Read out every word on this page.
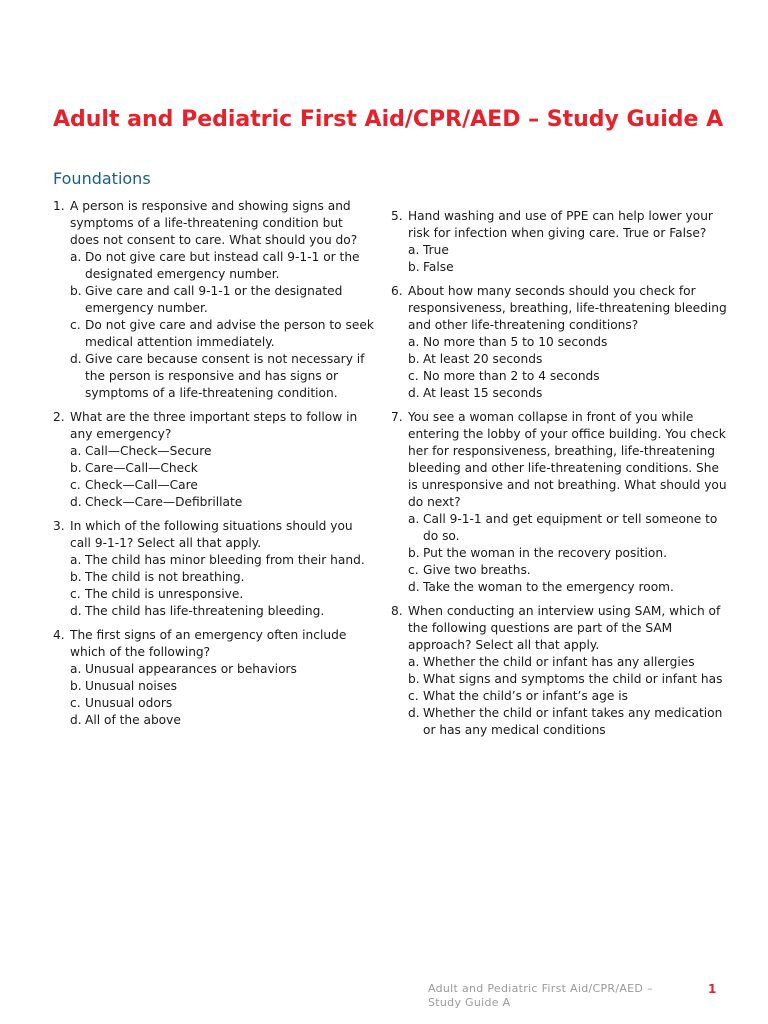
Adult and Pediatric First Aid/CPR/AED – Study Guide A
Foundations
1. A person is responsive and showing signs and symptoms of a life-threatening condition but does not consent to care. What should you do?
a. Do not give care but instead call 9-1-1 or the designated emergency number.
b. Give care and call 9-1-1 or the designated emergency number.
c. Do not give care and advise the person to seek medical attention immediately.
d. Give care because consent is not necessary if the person is responsive and has signs or symptoms of a life-threatening condition.
2. What are the three important steps to follow in any emergency?
a. Call—Check—Secure
b. Care—Call—Check
c. Check—Call—Care
d. Check—Care—Defibrillate
3. In which of the following situations should you call 9-1-1? Select all that apply.
a. The child has minor bleeding from their hand.
b. The child is not breathing.
c. The child is unresponsive.
d. The child has life-threatening bleeding.
4. The first signs of an emergency often include which of the following?
a. Unusual appearances or behaviors
b. Unusual noises
c. Unusual odors
d. All of the above
5. Hand washing and use of PPE can help lower your risk for infection when giving care. True or False?
a. True
b. False
6. About how many seconds should you check for responsiveness, breathing, life-threatening bleeding and other life-threatening conditions?
a. No more than 5 to 10 seconds
b. At least 20 seconds
c. No more than 2 to 4 seconds
d. At least 15 seconds
7. You see a woman collapse in front of you while entering the lobby of your office building. You check her for responsiveness, breathing, life-threatening bleeding and other life-threatening conditions. She is unresponsive and not breathing. What should you do next?
a. Call 9-1-1 and get equipment or tell someone to do so.
b. Put the woman in the recovery position.
c. Give two breaths.
d. Take the woman to the emergency room.
8. When conducting an interview using SAM, which of the following questions are part of the SAM approach? Select all that apply.
a. Whether the child or infant has any allergies
b. What signs and symptoms the child or infant has
c. What the child’s or infant’s age is
d. Whether the child or infant takes any medication or has any medical conditions
Adult and Pediatric First Aid/CPR/AED – Study Guide A
1
